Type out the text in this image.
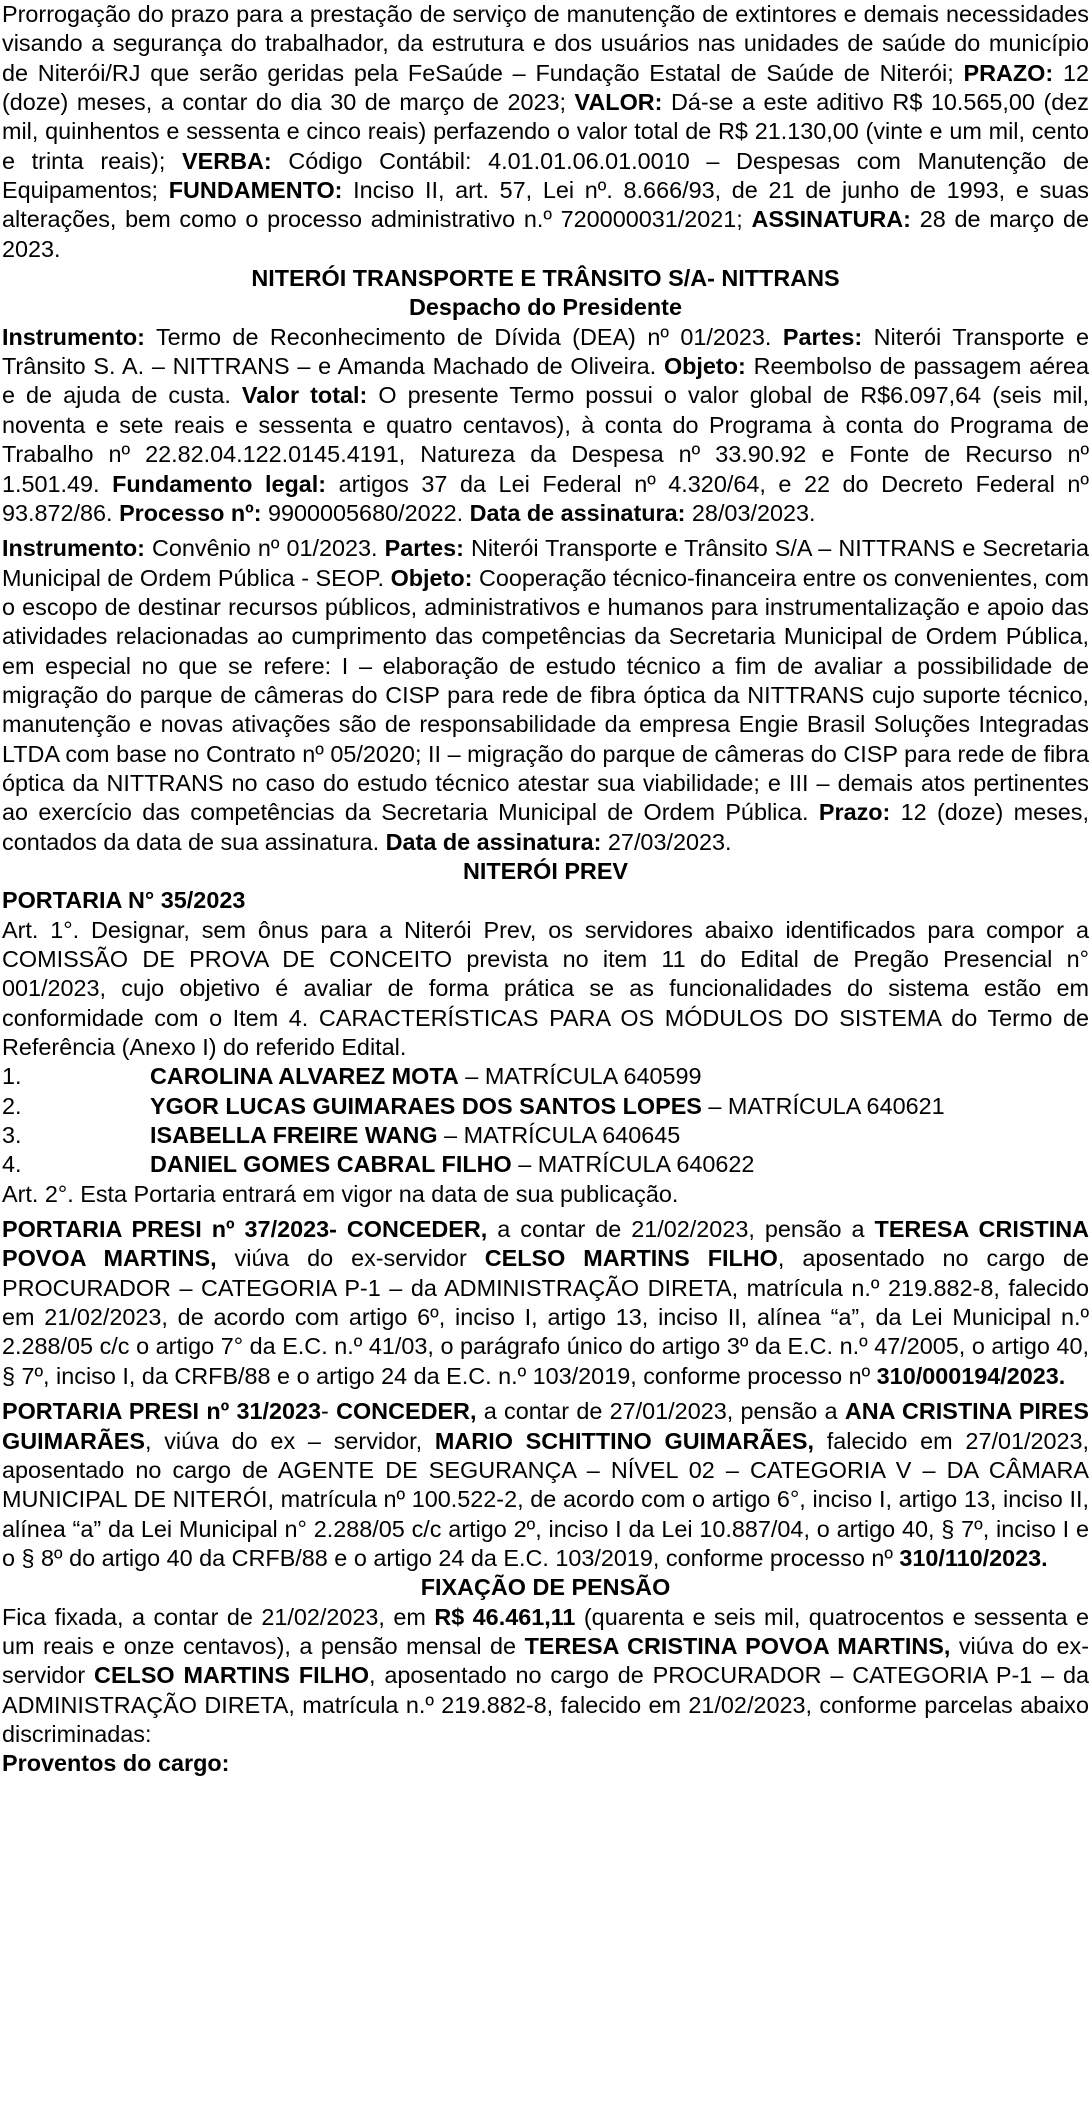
Prorrogação do prazo para a prestação de serviço de manutenção de extintores e demais necessidades visando a segurança do trabalhador, da estrutura e dos usuários nas unidades de saúde do município de Niterói/RJ que serão geridas pela FeSaúde – Fundação Estatal de Saúde de Niterói; PRAZO: 12 (doze) meses, a contar do dia 30 de março de 2023; VALOR: Dá-se a este aditivo R$ 10.565,00 (dez mil, quinhentos e sessenta e cinco reais) perfazendo o valor total de R$ 21.130,00 (vinte e um mil, cento e trinta reais); VERBA: Código Contábil: 4.01.01.06.01.0010 – Despesas com Manutenção de Equipamentos; FUNDAMENTO: Inciso II, art. 57, Lei nº. 8.666/93, de 21 de junho de 1993, e suas alterações, bem como o processo administrativo n.º 720000031/2021; ASSINATURA: 28 de março de 2023.

NITERÓI TRANSPORTE E TRÂNSITO S/A- NITTRANS

Despacho do Presidente

Instrumento: Termo de Reconhecimento de Dívida (DEA) nº 01/2023. Partes: Niterói Transporte e Trânsito S. A. – NITTRANS – e Amanda Machado de Oliveira. Objeto: Reembolso de passagem aérea e de ajuda de custa. Valor total: O presente Termo possui o valor global de R$6.097,64 (seis mil, noventa e sete reais e sessenta e quatro centavos), à conta do Programa à conta do Programa de Trabalho nº 22.82.04.122.0145.4191, Natureza da Despesa nº 33.90.92 e Fonte de Recurso nº 1.501.49. Fundamento legal: artigos 37 da Lei Federal nº 4.320/64, e 22 do Decreto Federal nº 93.872/86. Processo nº: 9900005680/2022. Data de assinatura: 28/03/2023.

Instrumento: Convênio nº 01/2023. Partes: Niterói Transporte e Trânsito S/A – NITTRANS e Secretaria Municipal de Ordem Pública - SEOP. Objeto: Cooperação técnico-financeira entre os convenientes, com o escopo de destinar recursos públicos, administrativos e humanos para instrumentalização e apoio das atividades relacionadas ao cumprimento das competências da Secretaria Municipal de Ordem Pública, em especial no que se refere: I – elaboração de estudo técnico a fim de avaliar a possibilidade de migração do parque de câmeras do CISP para rede de fibra óptica da NITTRANS cujo suporte técnico, manutenção e novas ativações são de responsabilidade da empresa Engie Brasil Soluções Integradas LTDA com base no Contrato nº 05/2020; II – migração do parque de câmeras do CISP para rede de fibra óptica da NITTRANS no caso do estudo técnico atestar sua viabilidade; e III – demais atos pertinentes ao exercício das competências da Secretaria Municipal de Ordem Pública. Prazo: 12 (doze) meses, contados da data de sua assinatura. Data de assinatura: 27/03/2023.

NITERÓI PREV

PORTARIA N° 35/2023

Art. 1°. Designar, sem ônus para a Niterói Prev, os servidores abaixo identificados para compor a COMISSÃO DE PROVA DE CONCEITO prevista no item 11 do Edital de Pregão Presencial n° 001/2023, cujo objetivo é avaliar de forma prática se as funcionalidades do sistema estão em conformidade com o Item 4. CARACTERÍSTICAS PARA OS MÓDULOS DO SISTEMA do Termo de Referência (Anexo I) do referido Edital.

1.	CAROLINA ALVAREZ MOTA – MATRÍCULA 640599
2.	YGOR LUCAS GUIMARAES DOS SANTOS LOPES – MATRÍCULA 640621
3.	ISABELLA FREIRE WANG – MATRÍCULA 640645
4.	DANIEL GOMES CABRAL FILHO – MATRÍCULA 640622

Art. 2°. Esta Portaria entrará em vigor na data de sua publicação.

PORTARIA PRESI nº 37/2023- CONCEDER, a contar de 21/02/2023, pensão a TERESA CRISTINA POVOA MARTINS, viúva do ex-servidor CELSO MARTINS FILHO, aposentado no cargo de PROCURADOR – CATEGORIA P-1 – da ADMINISTRAÇÃO DIRETA, matrícula n.º 219.882-8, falecido em 21/02/2023, de acordo com artigo 6º, inciso I, artigo 13, inciso II, alínea “a”, da Lei Municipal n.º 2.288/05 c/c o artigo 7° da E.C. n.º 41/03, o parágrafo único do artigo 3º da E.C. n.º 47/2005, o artigo 40, § 7º, inciso I, da CRFB/88 e o artigo 24 da E.C. n.º 103/2019, conforme processo nº 310/000194/2023.

PORTARIA PRESI nº 31/2023- CONCEDER, a contar de 27/01/2023, pensão a ANA CRISTINA PIRES GUIMARÃES, viúva do ex – servidor, MARIO SCHITTINO GUIMARÃES, falecido em 27/01/2023, aposentado no cargo de AGENTE DE SEGURANÇA – NÍVEL 02 – CATEGORIA V – DA CÂMARA MUNICIPAL DE NITERÓI, matrícula nº 100.522-2, de acordo com o artigo 6°, inciso I, artigo 13, inciso II, alínea “a” da Lei Municipal n° 2.288/05 c/c artigo 2º, inciso I da Lei 10.887/04, o artigo 40, § 7º, inciso I e o § 8º do artigo 40 da CRFB/88 e o artigo 24 da E.C. 103/2019, conforme processo nº 310/110/2023.

FIXAÇÃO DE PENSÃO

Fica fixada, a contar de 21/02/2023, em R$ 46.461,11 (quarenta e seis mil, quatrocentos e sessenta e um reais e onze centavos), a pensão mensal de TERESA CRISTINA POVOA MARTINS, viúva do ex-servidor CELSO MARTINS FILHO, aposentado no cargo de PROCURADOR – CATEGORIA P-1 – da ADMINISTRAÇÃO DIRETA, matrícula n.º 219.882-8, falecido em 21/02/2023, conforme parcelas abaixo discriminadas:

Proventos do cargo:
